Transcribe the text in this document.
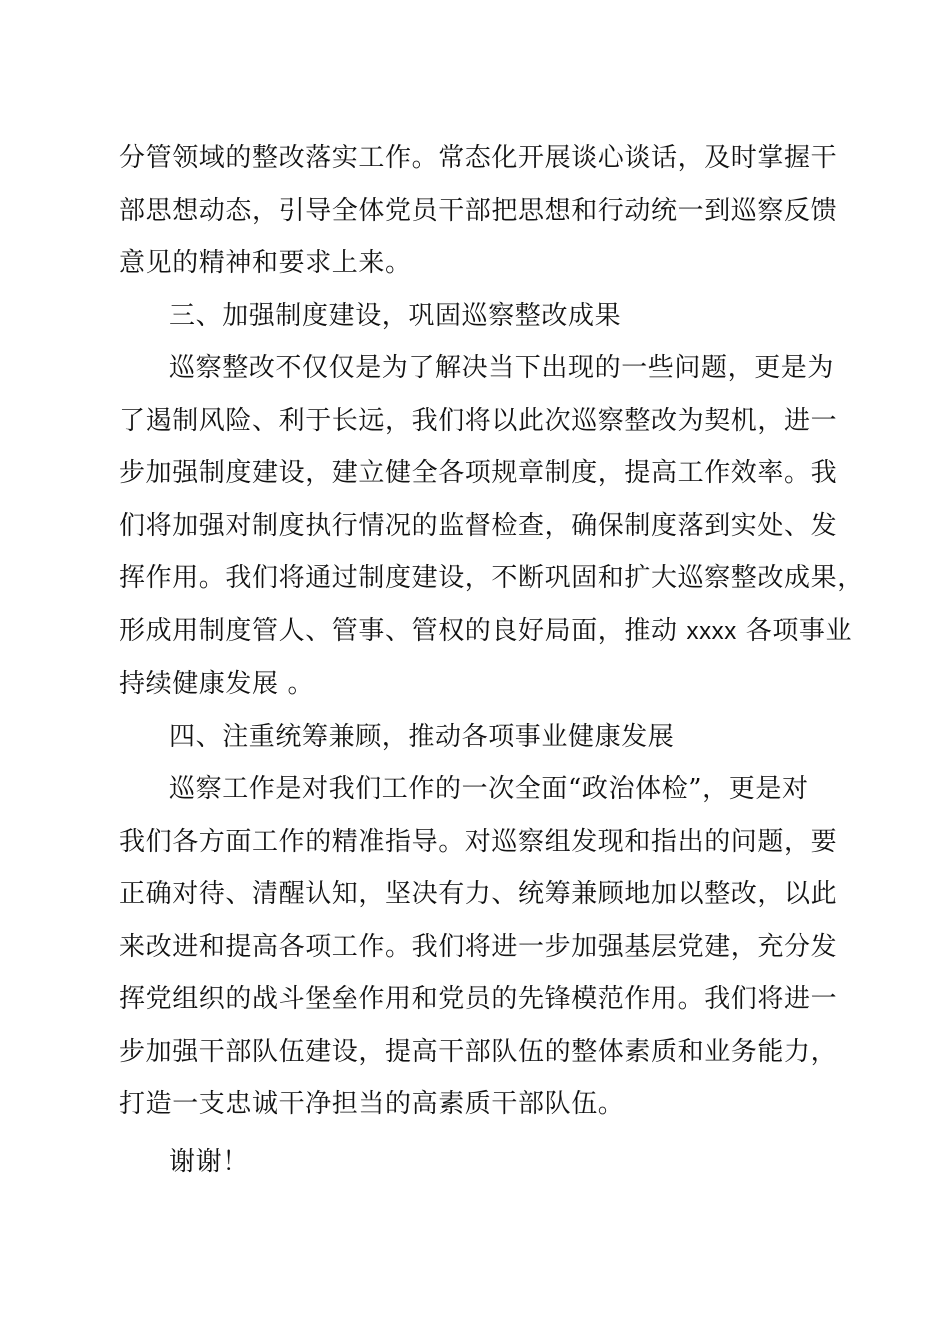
分管领域的整改落实工作。常态化开展谈心谈话，及时掌握干
部思想动态，引导全体党员干部把思想和行动统一到巡察反馈
意见的精神和要求上来。

三、加强制度建设，巩固巡察整改成果

巡察整改不仅仅是为了解决当下出现的一些问题，更是为
了遏制风险、利于长远，我们将以此次巡察整改为契机，进一
步加强制度建设，建立健全各项规章制度，提高工作效率。我
们将加强对制度执行情况的监督检查，确保制度落到实处、发
挥作用。我们将通过制度建设，不断巩固和扩大巡察整改成果，
形成用制度管人、管事、管权的良好局面，推动 xxxx 各项事业
持续健康发展 。

四、注重统筹兼顾，推动各项事业健康发展

巡察工作是对我们工作的一次全面“政治体检”，更是对
我们各方面工作的精准指导。对巡察组发现和指出的问题，要
正确对待、清醒认知，坚决有力、统筹兼顾地加以整改，以此
来改进和提高各项工作。我们将进一步加强基层党建，充分发
挥党组织的战斗堡垒作用和党员的先锋模范作用。我们将进一
步加强干部队伍建设，提高干部队伍的整体素质和业务能力，
打造一支忠诚干净担当的高素质干部队伍。

谢谢！
